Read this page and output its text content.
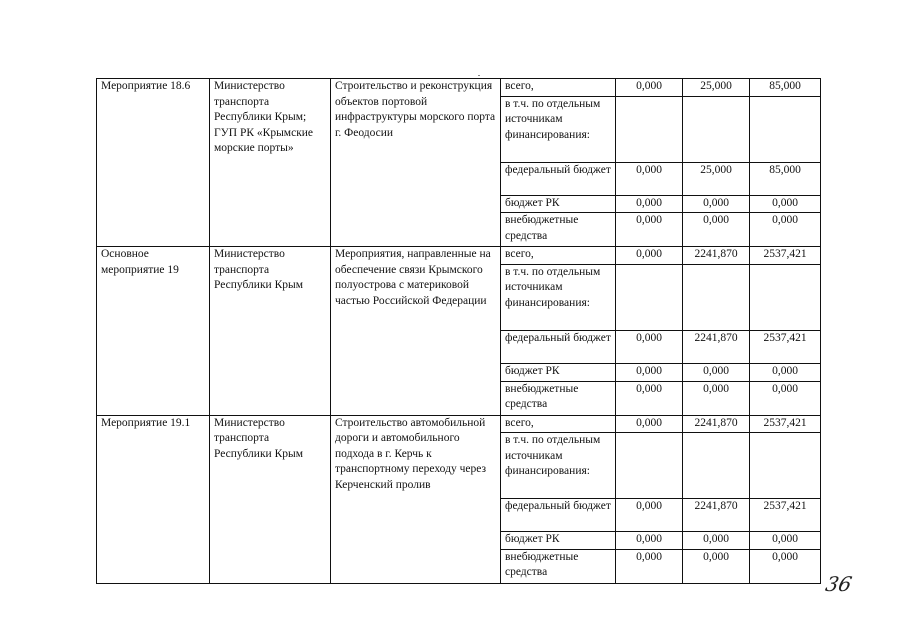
Мероприятие 18.6	Министерство транспорта Республики Крым; ГУП РК «Крымские морские порты»	Строительство и реконструкция объектов портовой инфраструктуры морского порта г. Феодосии	всего,	0,000	25,000	85,000
			в т.ч. по отдельным источникам финансирования:			
			федеральный бюджет	0,000	25,000	85,000
			бюджет РК	0,000	0,000	0,000
			внебюджетные средства	0,000	0,000	0,000
Основное мероприятие 19	Министерство транспорта Республики Крым	Мероприятия, направленные на обеспечение связи Крымского полуострова с материковой частью Российской Федерации	всего,	0,000	2241,870	2537,421
			в т.ч. по отдельным источникам финансирования:			
			федеральный бюджет	0,000	2241,870	2537,421
			бюджет РК	0,000	0,000	0,000
			внебюджетные средства	0,000	0,000	0,000
Мероприятие 19.1	Министерство транспорта Республики Крым	Строительство автомобильной дороги и автомобильного подхода в г. Керчь к транспортному переходу через Керченский пролив	всего,	0,000	2241,870	2537,421
			в т.ч. по отдельным источникам финансирования:			
			федеральный бюджет	0,000	2241,870	2537,421
			бюджет РК	0,000	0,000	0,000
			внебюджетные средства	0,000	0,000	0,000
36
